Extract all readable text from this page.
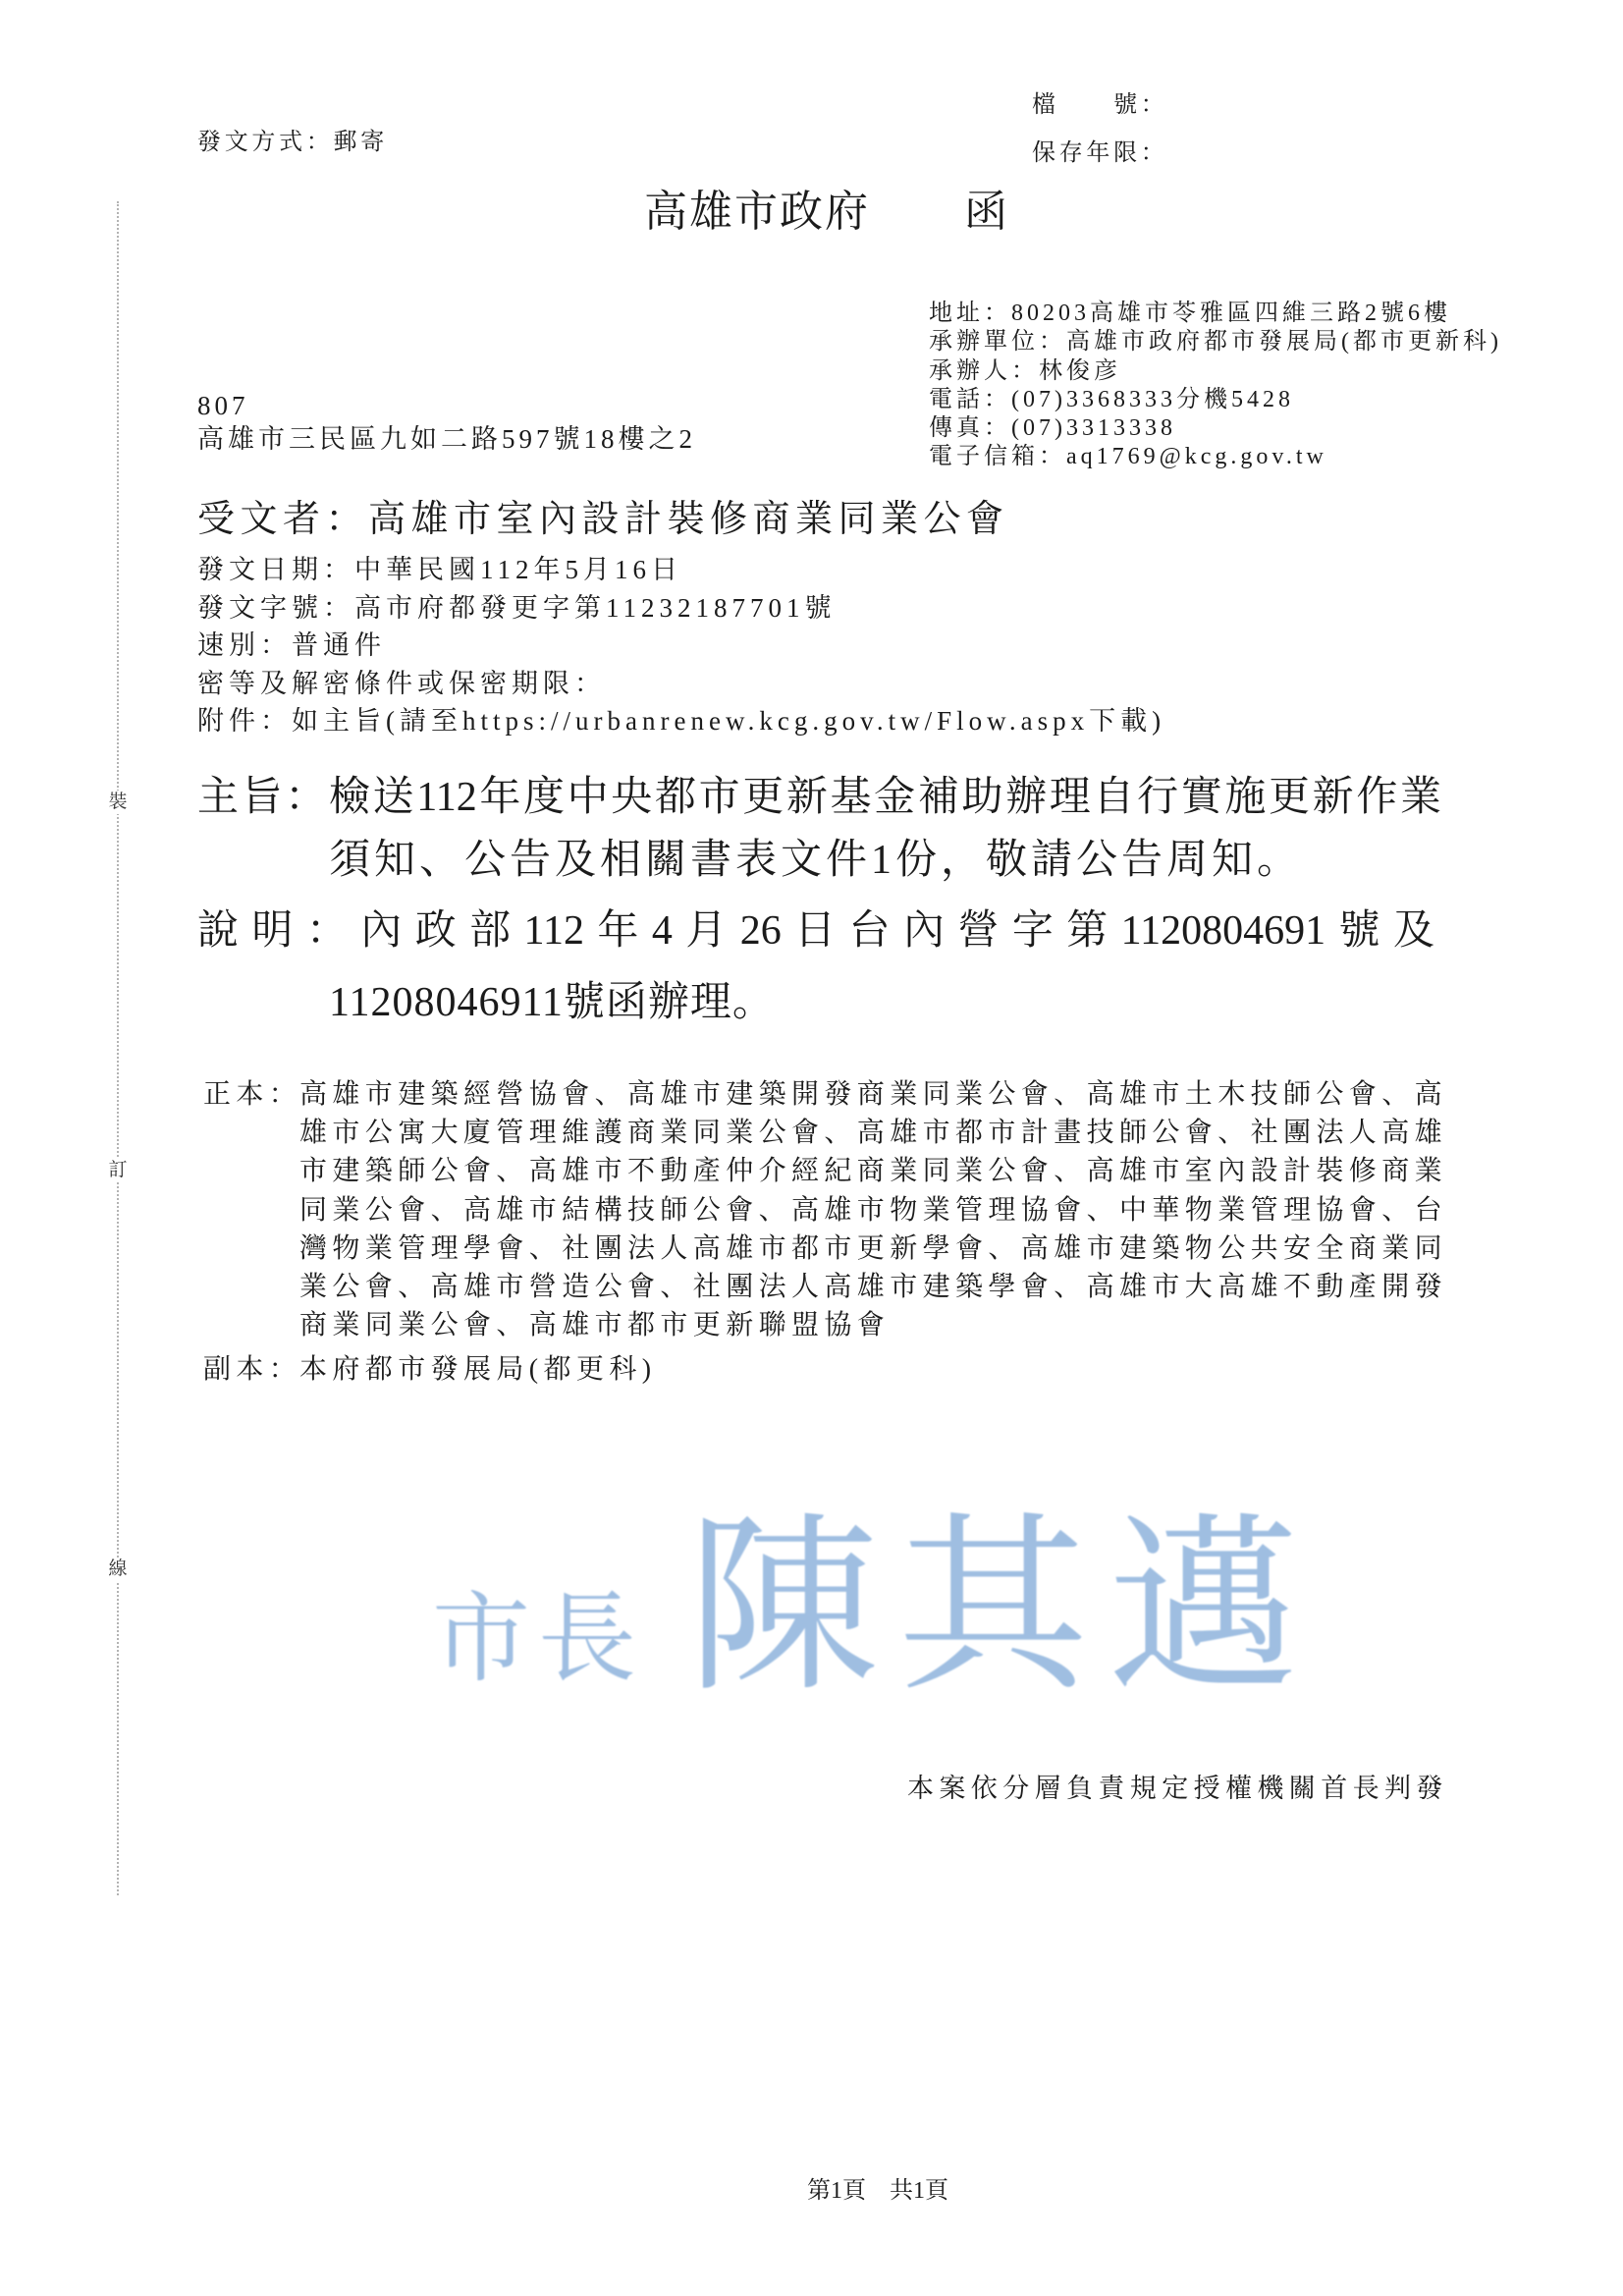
裝
訂
線
發文方式：郵寄
檔　　號：
保存年限：
高雄市政府 函
地址：80203高雄市苓雅區四維三路2號6樓
承辦單位：高雄市政府都市發展局(都市更新科)
承辦人：林俊彦
電話：(07)3368333分機5428
傳真：(07)3313338
電子信箱：aq1769@kcg.gov.tw
807
高雄市三民區九如二路597號18樓之2
受文者：高雄市室內設計裝修商業同業公會
發文日期：中華民國112年5月16日
發文字號：高市府都發更字第11232187701號
速別：普通件
密等及解密條件或保密期限：
附件：如主旨(請至https://urbanrenew.kcg.gov.tw/Flow.aspx下載)
主旨：檢送112年度中央都市更新基金補助辦理自行實施更新作業
須知、公告及相關書表文件1份，敬請公告周知。
說明：內政部112年4月26日台內營字第1120804691號及
11208046911號函辦理。
正本：
高雄市建築經營協會、高雄市建築開發商業同業公會、高雄市土木技師公會、高
雄市公寓大廈管理維護商業同業公會、高雄市都市計畫技師公會、社團法人高雄
市建築師公會、高雄市不動產仲介經紀商業同業公會、高雄市室內設計裝修商業
同業公會、高雄市結構技師公會、高雄市物業管理協會、中華物業管理協會、台
灣物業管理學會、社團法人高雄市都市更新學會、高雄市建築物公共安全商業同
業公會、高雄市營造公會、社團法人高雄市建築學會、高雄市大高雄不動產開發
商業同業公會、高雄市都市更新聯盟協會
副本：
本府都市發展局(都更科)
市長 陳其邁
本案依分層負責規定授權機關首長判發
第1頁 共1頁
